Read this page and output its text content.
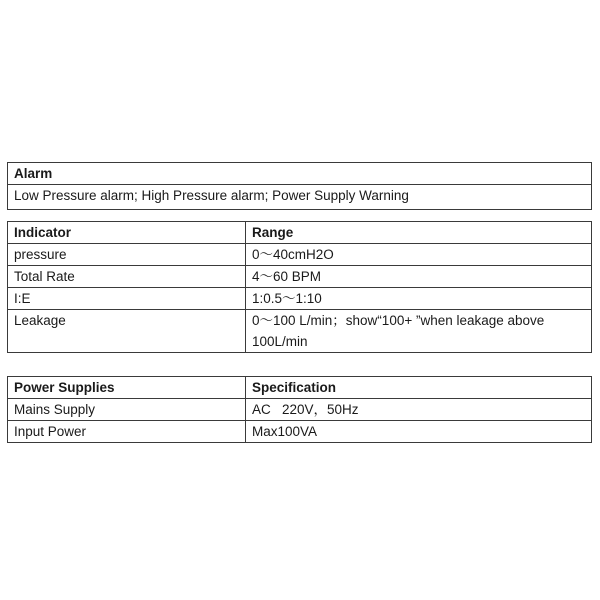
Alarm
Low Pressure alarm; High Pressure alarm; Power Supply Warning
Indicator	Range
pressure	0～40cmH2O
Total Rate	4～60 BPM
I:E	1:0.5～1:10
Leakage	0～100 L/min；show“100+ ”when leakage above 100L/min
Power Supplies	Specification
Mains Supply	AC   220V，50Hz
Input Power	Max100VA
